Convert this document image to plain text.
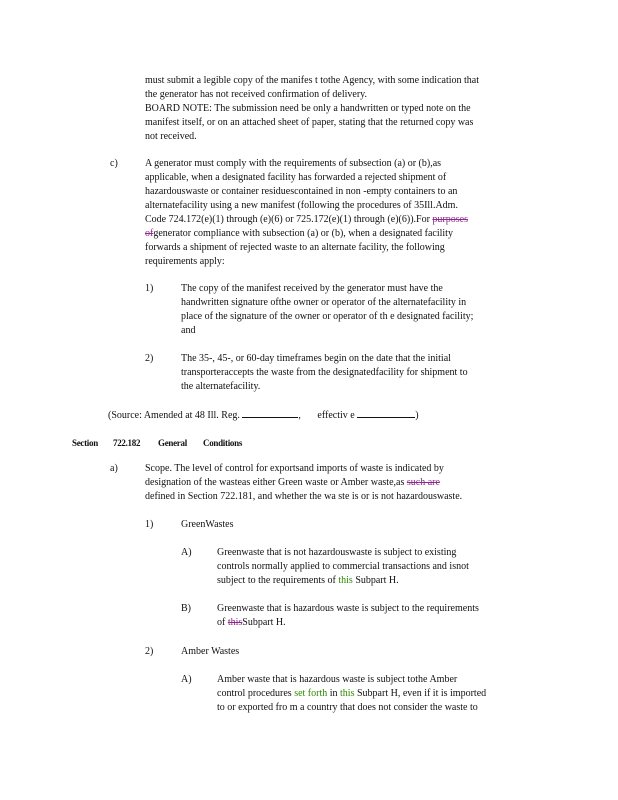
must submit a legible copy of the manifes t tothe Agency, with some indication that
the generator has not received confirmation of delivery.
BOARD NOTE: The submission need be only a handwritten or typed note on the
manifest itself, or on an attached sheet of paper, stating that the returned copy was
not received.
c)	A generator must comply with the requirements of subsection (a) or (b),as
applicable, when a designated facility has forwarded a rejected shipment of
hazardouswaste or container residuescontained in non -empty containers to an
alternatefacility using a new manifest (following the procedures of 35Ill.Adm.
Code 724.172(e)(1) through (e)(6) or 725.172(e)(1) through (e)(6)).For purposes
ofgenerator compliance with subsection (a) or (b), when a designated facility
forwards a shipment of rejected waste to an alternate facility, the following
requirements apply:
1)	The copy of the manifest received by the generator must have the
handwritten signature ofthe owner or operator of the alternatefacility in
place of the signature of the owner or operator of th e designated facility;
and
2)	The 35-, 45-, or 60-day timeframes begin on the date that the initial
transporteraccepts the waste from the designatedfacility for shipment to
the alternatefacility.
(Source: Amended at 48 Ill. Reg.	, effectiv e	)
Section 722.182 General Conditions
a)	Scope. The level of control for exportsand imports of waste is indicated by
designation of the wasteas either Green waste or Amber waste,as such are
defined in Section 722.181, and whether the wa ste is or is not hazardouswaste.
1)	GreenWastes
A)	Greenwaste that is not hazardouswaste is subject to existing
controls normally applied to commercial transactions and isnot
subject to the requirements of this Subpart H.
B)	Greenwaste that is hazardous waste is subject to the requirements
of thisSubpart H.
2)	Amber Wastes
A)	Amber waste that is hazardous waste is subject tothe Amber
control procedures set forth in this Subpart H, even if it is imported
to or exported fro m a country that does not consider the waste to
